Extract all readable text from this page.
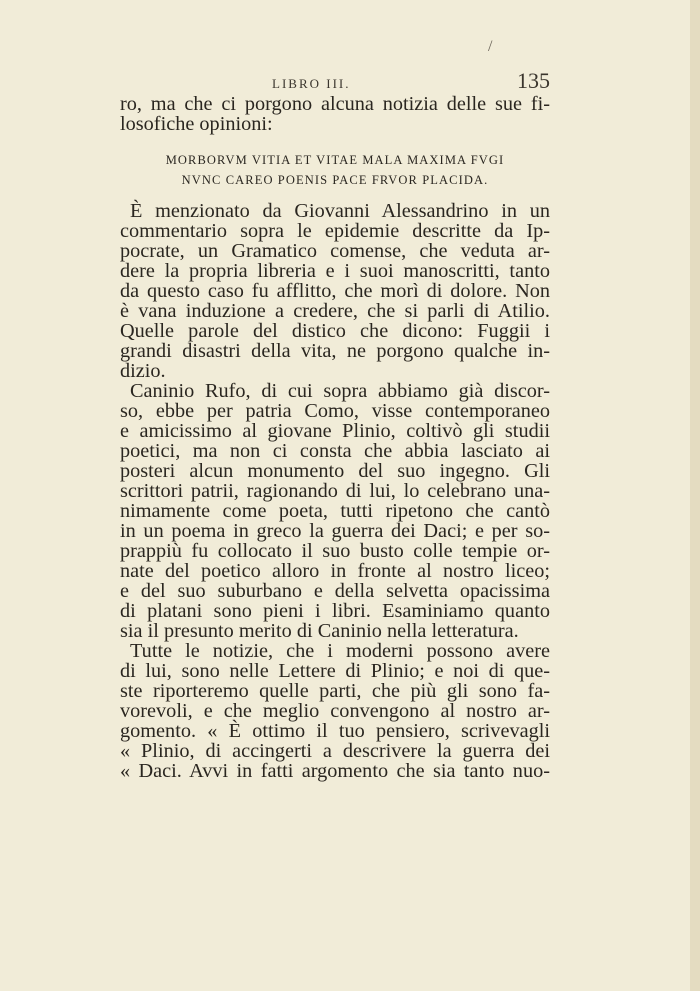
/
LIBRO III.	135

ro, ma che ci porgono alcuna notizia delle sue fi-

losofiche opinioni:

MORBORVM VITIA ET VITAE MALA MAXIMA FVGI

NVNC CAREO POENIS PACE FRVOR PLACIDA.

È menzionato da Giovanni Alessandrino in un

commentario sopra le epidemie descritte da Ip-

pocrate, un Gramatico comense, che veduta ar-

dere la propria libreria e i suoi manoscritti, tanto

da questo caso fu afflitto, che morì di dolore. Non

è vana induzione a credere, che si parli di Atilio.

Quelle parole del distico che dicono: Fuggii i

grandi disastri della vita, ne porgono qualche in-

dizio.

Caninio Rufo, di cui sopra abbiamo già discor-

so, ebbe per patria Como, visse contemporaneo

e amicissimo al giovane Plinio, coltivò gli studii

poetici, ma non ci consta che abbia lasciato ai

posteri alcun monumento del suo ingegno. Gli

scrittori patrii, ragionando di lui, lo celebrano una-

nimamente come poeta, tutti ripetono che cantò

in un poema in greco la guerra dei Daci; e per so-

prappiù fu collocato il suo busto colle tempie or-

nate del poetico alloro in fronte al nostro liceo;

e del suo suburbano e della selvetta opacissima

di platani sono pieni i libri. Esaminiamo quanto

sia il presunto merito di Caninio nella letteratura.

Tutte le notizie, che i moderni possono avere

di lui, sono nelle Lettere di Plinio; e noi di que-

ste riporteremo quelle parti, che più gli sono fa-

vorevoli, e che meglio convengono al nostro ar-

gomento. « È ottimo il tuo pensiero, scrivevagli

« Plinio, di accingerti a descrivere la guerra dei

« Daci. Avvi in fatti argomento che sia tanto nuo-
